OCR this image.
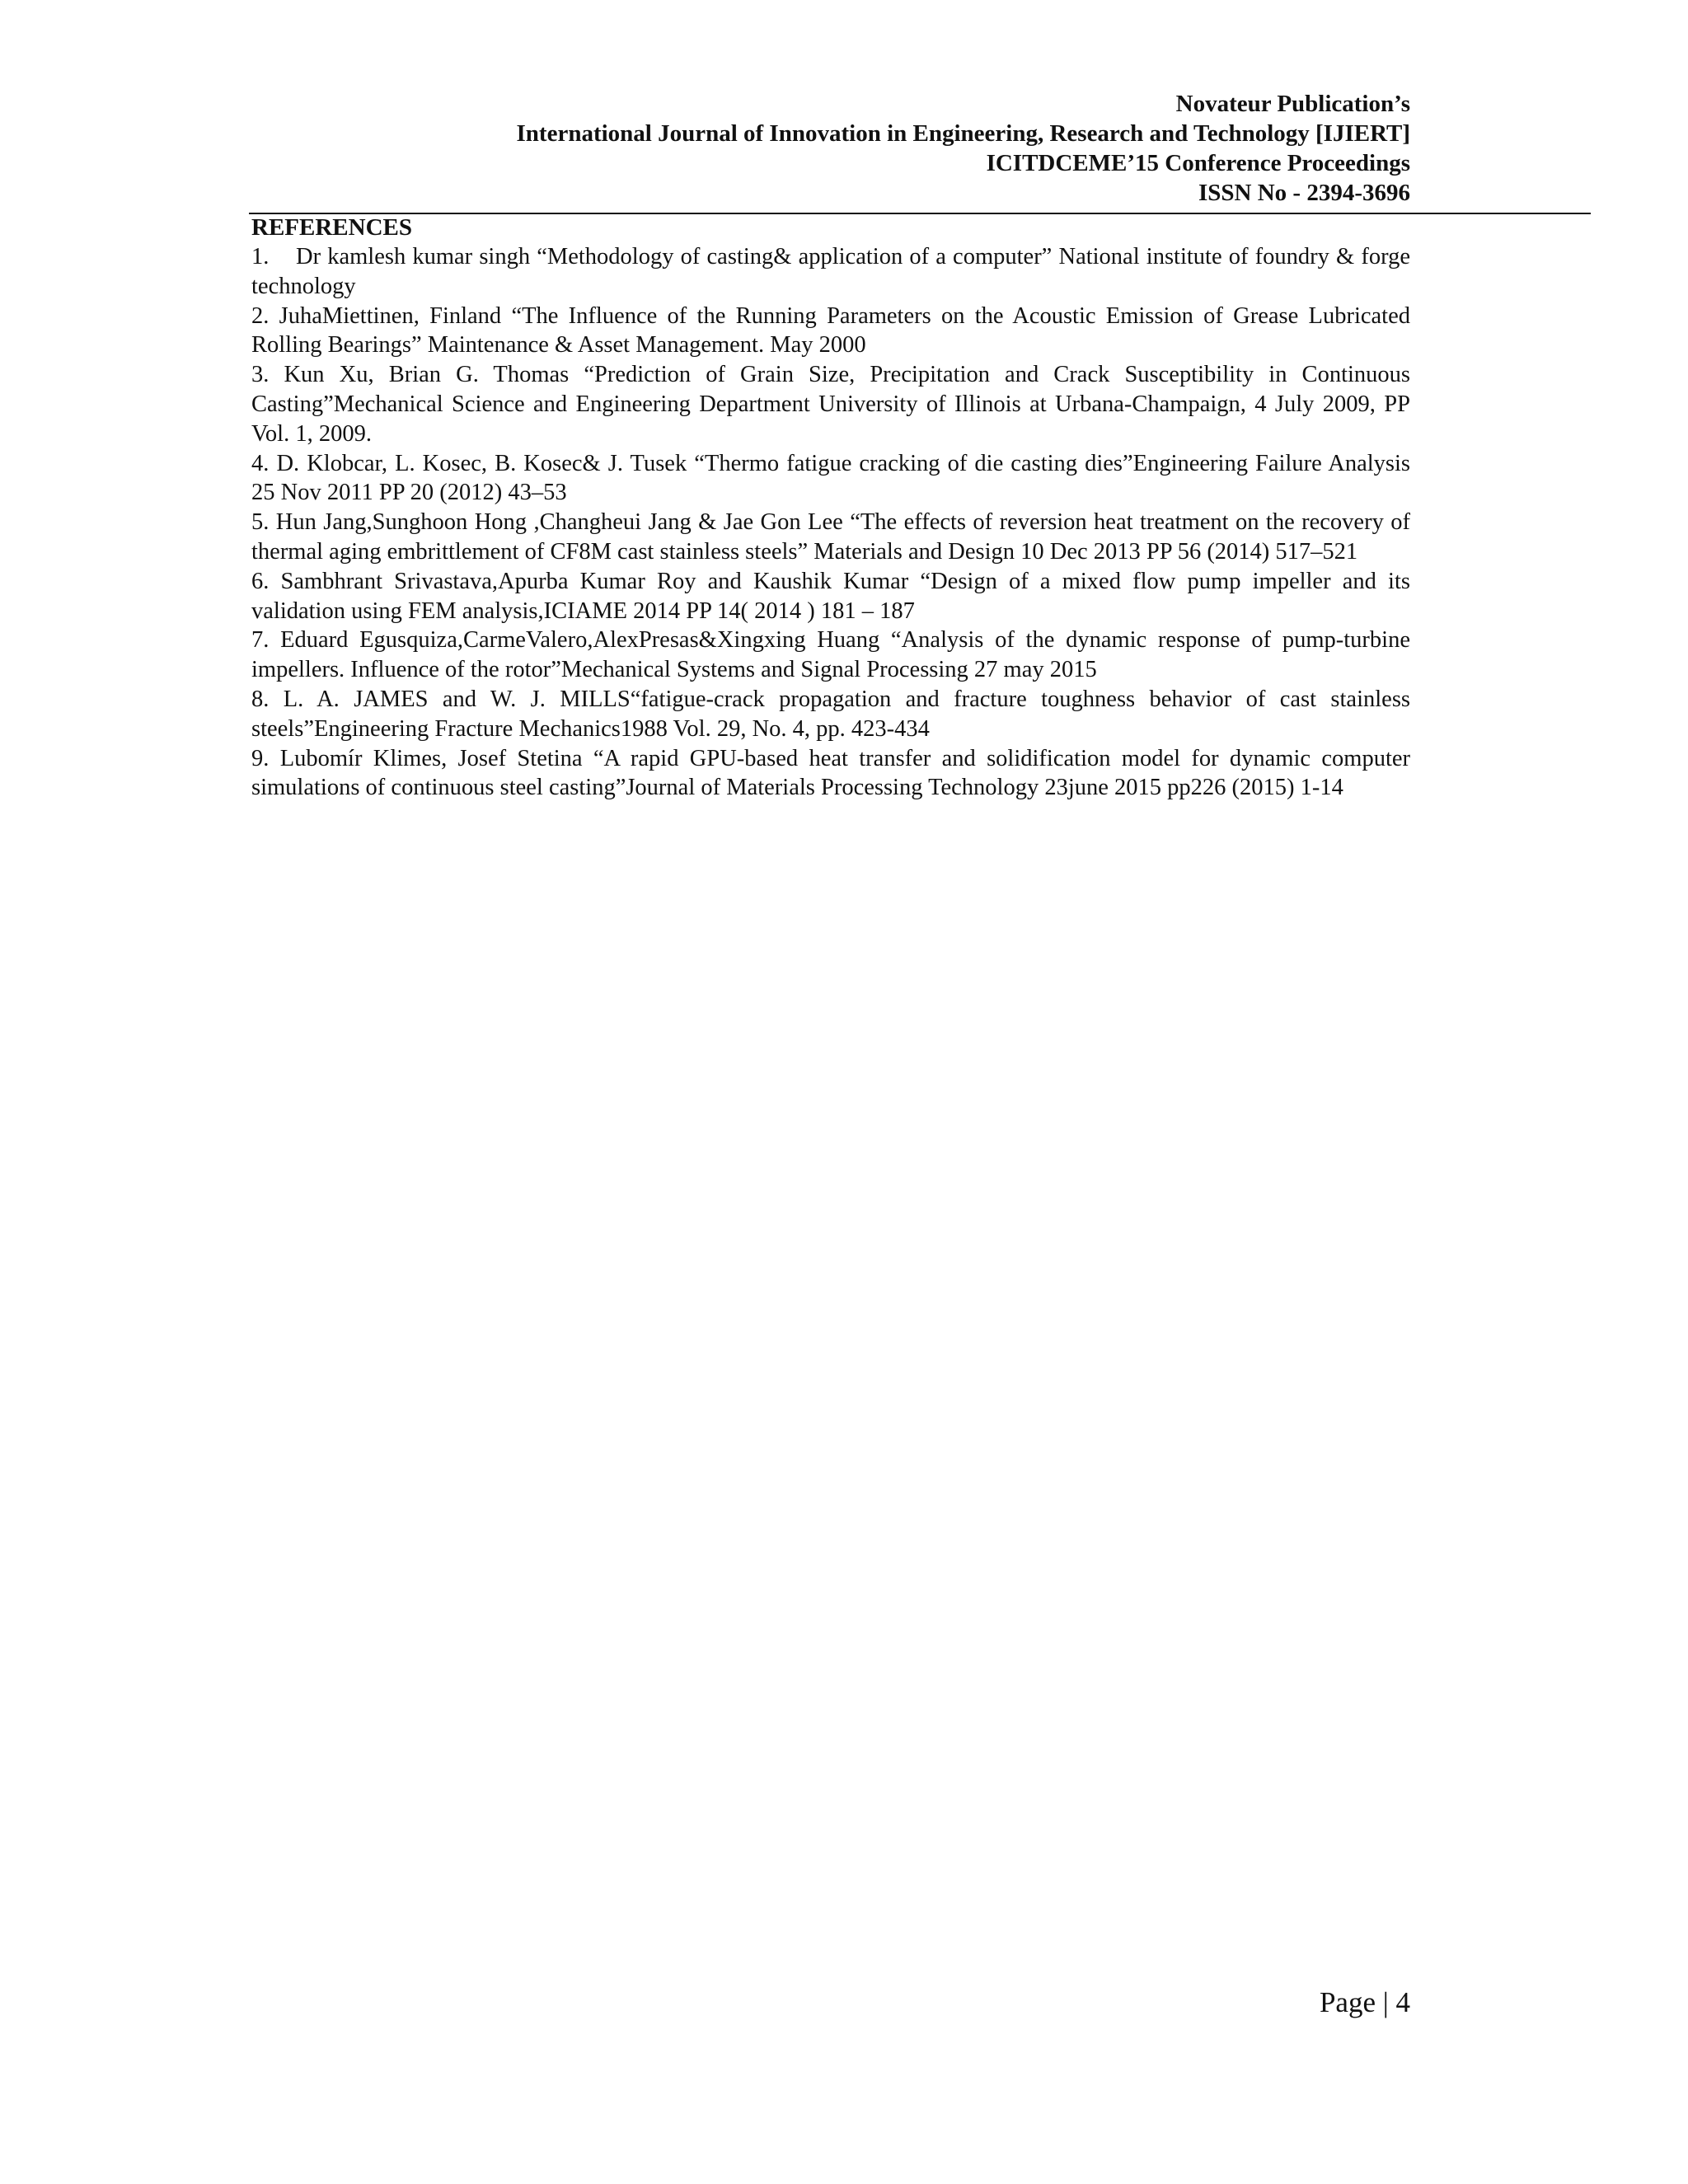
Novateur Publication’s
International Journal of Innovation in Engineering, Research and Technology [IJIERT]
ICITDCEME’15 Conference Proceedings
ISSN No - 2394-3696
REFERENCES

1.    Dr kamlesh kumar singh “Methodology of casting& application of a computer” National institute of foundry & forge technology

2. JuhaMiettinen, Finland “The Influence of the Running Parameters on the Acoustic Emission of Grease Lubricated Rolling Bearings” Maintenance & Asset Management. May 2000

3. Kun Xu, Brian G. Thomas “Prediction of Grain Size, Precipitation and Crack Susceptibility in Continuous Casting”Mechanical Science and Engineering Department University of Illinois at Urbana-Champaign, 4 July 2009, PP Vol. 1, 2009.

4. D. Klobcar, L. Kosec, B. Kosec& J. Tusek “Thermo fatigue cracking of die casting dies”Engineering Failure Analysis 25 Nov 2011 PP 20 (2012) 43–53

5. Hun Jang,Sunghoon Hong ,Changheui Jang & Jae Gon Lee “The effects of reversion heat treatment on the recovery of thermal aging embrittlement of CF8M cast stainless steels” Materials and Design 10 Dec 2013 PP 56 (2014) 517–521

6. Sambhrant Srivastava,Apurba Kumar Roy and Kaushik Kumar “Design of a mixed flow pump impeller and its validation using FEM analysis,ICIAME 2014 PP 14( 2014 ) 181 – 187

7. Eduard Egusquiza,CarmeValero,AlexPresas&Xingxing Huang “Analysis of the dynamic response of pump-turbine impellers. Influence of the rotor”Mechanical Systems and Signal Processing 27 may 2015

8. L. A. JAMES and W. J. MILLS“fatigue-crack propagation and fracture toughness behavior of cast stainless steels”Engineering Fracture Mechanics1988 Vol. 29, No. 4, pp. 423-434

9. Lubomír Klimes, Josef Stetina “A rapid GPU-based heat transfer and solidification model for dynamic computer simulations of continuous steel casting”Journal of Materials Processing Technology 23june 2015 pp226 (2015) 1-14

Page | 4
